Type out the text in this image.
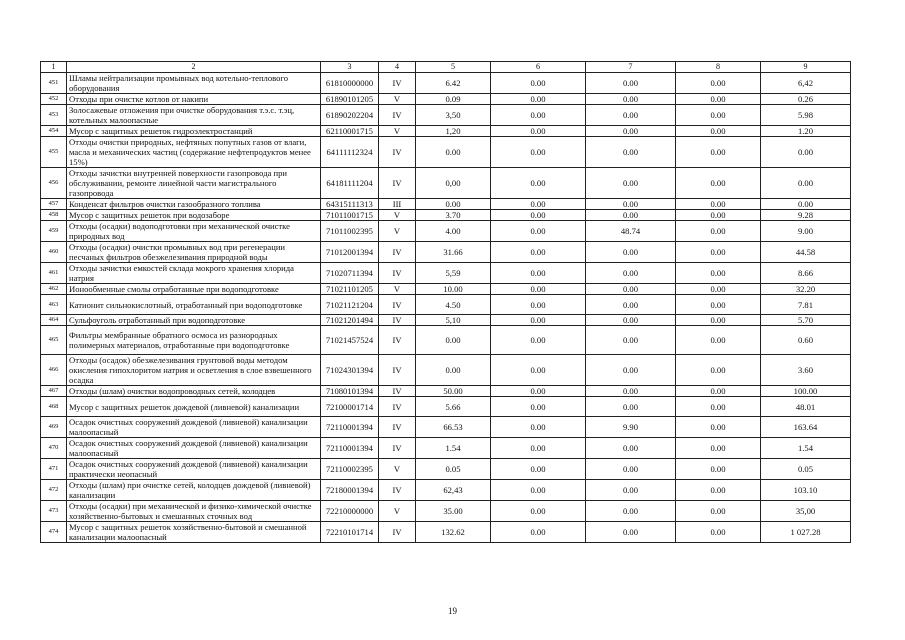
1	2	3	4	5	6	7	8	9
451	Шламы нейтрализации промывных вод котельно-теплового оборудования	61810000000	IV	6.42	0.00	0.00	0.00	6,42
452	Отходы при очистке котлов от накипи	61890101205	V	0.09	0.00	0.00	0.00	0.26
453	Золосажевые отложения при очистке оборудования т.э.с. т.эц, котельных малоопасные	61890202204	IV	3,50	0.00	0.00	0.00	5.98
454	Мусор с защитных решеток гидроэлектростанций	62110001715	V	1,20	0.00	0.00	0.00	1.20
455	Отходы очистки природных, нефтяных попутных газов от влаги, масла и механических частиц (содержание нефтепродуктов менее 15%)	64111112324	IV	0.00	0.00	0.00	0.00	0.00
456	Отходы зачистки внутренней поверхности газопровода при обслуживании, ремонте линейной части магистрального газопровода	64181111204	IV	0,00	0.00	0.00	0.00	0.00
457	Конденсат фильтров очистки газообразного топлива	64315111313	III	0.00	0.00	0.00	0.00	0.00
458	Мусор с защитных решеток при водозаборе	71011001715	V	3.70	0.00	0.00	0.00	9.28
459	Отходы (осадки) водоподготовки при механической очистке природных вод	71011002395	V	4.00	0.00	48.74	0.00	9.00
460	Отходы (осадки) очистки промывных вод при регенерации песчаных фильтров обезжелезивания природной воды	71012001394	IV	31.66	0.00	0.00	0.00	44.58
461	Отходы зачистки емкостей склада мокрого хранения хлорида натрия	71020711394	IV	5,59	0.00	0.00	0.00	8.66
462	Ионообменные смолы отработанные при водоподготовке	71021101205	V	10.00	0.00	0.00	0.00	32.20
463	Катионит сильнокислотный, отработанный при водоподготовке	71021121204	IV	4.50	0.00	0.00	0.00	7.81
464	Сульфоуголь отработанный при водоподготовке	71021201494	IV	5,10	0.00	0.00	0.00	5.70
465	Фильтры мембранные обратного осмоса из разнородных полимерных материалов, отработанные при водоподготовке	71021457524	IV	0.00	0.00	0.00	0.00	0.60
466	Отходы (осадок) обезжелезивания грунтовой воды методом окисления гипохлоритом натрия и осветления в слое взвешенного осадка	71024301394	IV	0.00	0.00	0.00	0.00	3.60
467	Отходы (шлам) очистки водопроводных сетей, колодцев	71080101394	IV	50.00	0.00	0.00	0.00	100.00
468	Мусор с защитных решеток дождевой (ливневой) канализации	72100001714	IV	5.66	0.00	0.00	0.00	48.01
469	Осадок очистных сооружений дождевой (ливневой) канализации малоопасный	72110001394	IV	66.53	0.00	9.90	0.00	163.64
470	Осадок очистных сооружений дождевой (ливневой) канализации малоопасный	72110001394	IV	1.54	0.00	0.00	0.00	1.54
471	Осадок очистных сооружений дождевой (ливневой) канализации практически неопасный	72110002395	V	0.05	0.00	0.00	0.00	0.05
472	Отходы (шлам) при очистке сетей, колодцев дождевой (ливневой) канализации	72180001394	IV	62,43	0.00	0.00	0.00	103.10
473	Отходы (осадки) при механической и физико-химической очистке хозяйственно-бытовых и смешанных сточных вод	72210000000	V	35.00	0.00	0.00	0.00	35,00
474	Мусор с защитных решеток хозяйственно-бытовой и смешанной канализации малоопасный	72210101714	IV	132.62	0.00	0.00	0.00	1 027.28
19
